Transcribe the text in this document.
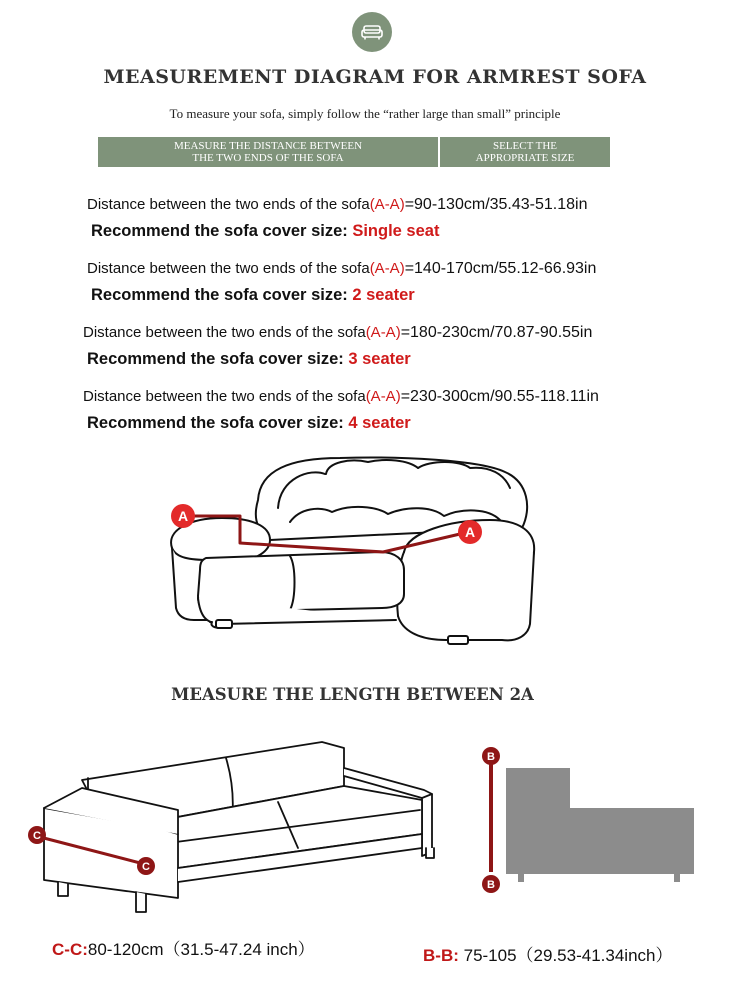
MEASUREMENT DIAGRAM FOR ARMREST SOFA
To measure your sofa, simply follow the “rather large than small” principle
MEASURE THE DISTANCE BETWEEN
THE TWO ENDS OF THE SOFA
SELECT THE
APPROPRIATE SIZE
Distance between the two ends of the sofa(A-A)=90-130cm/35.43-51.18in
Recommend the sofa cover size: Single seat
Distance between the two ends of the sofa(A-A)=140-170cm/55.12-66.93in
Recommend the sofa cover size: 2 seater
Distance between the two ends of the sofa(A-A)=180-230cm/70.87-90.55in
Recommend the sofa cover size: 3 seater
Distance between the two ends of the sofa(A-A)=230-300cm/90.55-118.11in
Recommend the sofa cover size: 4 seater
A
A
MEASURE THE LENGTH BETWEEN 2A
C
C
B
B
C-C:80-120cm（31.5-47.24 inch）	B-B: 75-105（29.53-41.34inch）
